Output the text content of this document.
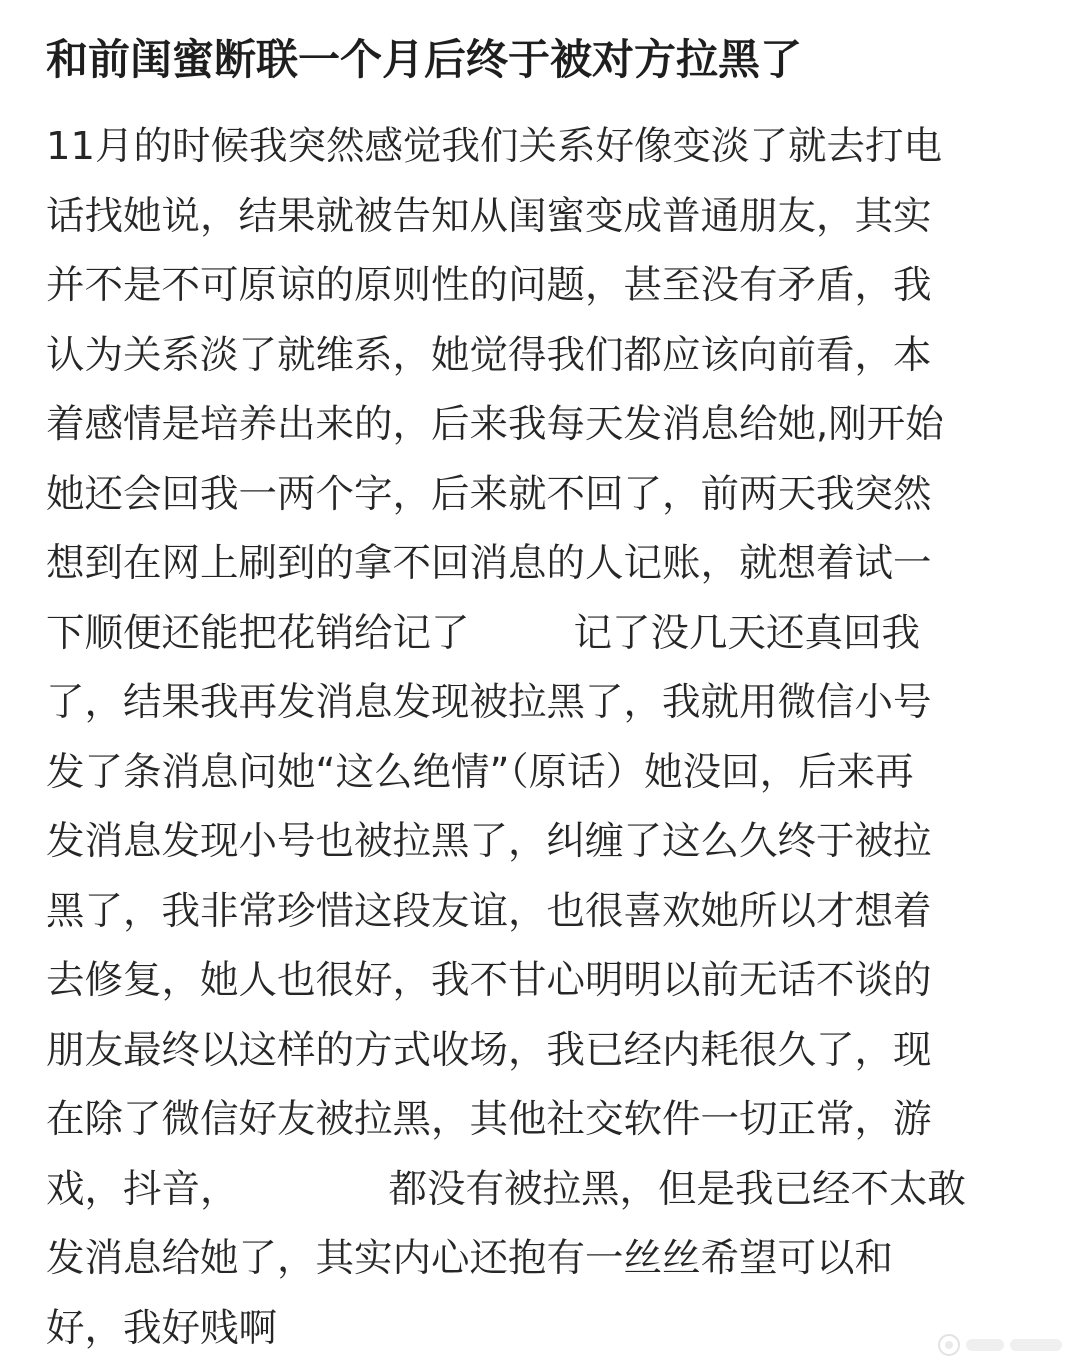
和前闺蜜断联一个月后终于被对方拉黑了
11月的时候我突然感觉我们关系好像变淡了就去打电
话找她说，结果就被告知从闺蜜变成普通朋友，其实
并不是不可原谅的原则性的问题，甚至没有矛盾，我
认为关系淡了就维系，她觉得我们都应该向前看，本
着感情是培养出来的，后来我每天发消息给她,刚开始
她还会回我一两个字，后来就不回了，前两天我突然
想到在网上刷到的拿不回消息的人记账，就想着试一
下顺便还能把花销给记了	记了没几天还真回我
了，结果我再发消息发现被拉黑了，我就用微信小号
发了条消息问她“这么绝情”（原话）她没回，后来再
发消息发现小号也被拉黑了，纠缠了这么久终于被拉
黑了，我非常珍惜这段友谊，也很喜欢她所以才想着
去修复，她人也很好，我不甘心明明以前无话不谈的
朋友最终以这样的方式收场，我已经内耗很久了，现
在除了微信好友被拉黑，其他社交软件一切正常，游
戏，抖音，	都没有被拉黑，但是我已经不太敢
发消息给她了，其实内心还抱有一丝丝希望可以和
好，我好贱啊
